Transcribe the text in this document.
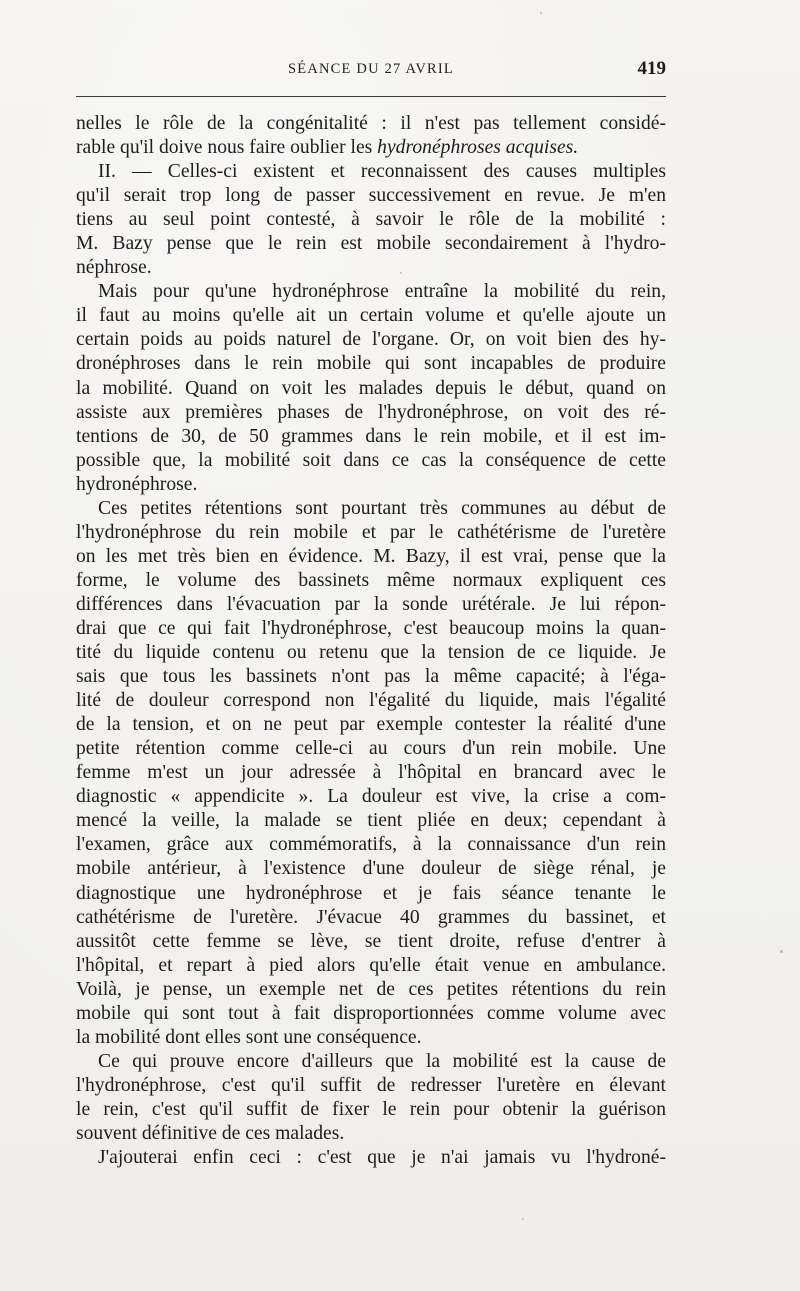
SÉANCE DU 27 AVRIL	419

nelles le rôle de la congénitalité : il n'est pas tellement considé-
rable qu'il doive nous faire oublier les hydronéphroses acquises.
II. — Celles-ci existent et reconnaissent des causes multiples
qu'il serait trop long de passer successivement en revue. Je m'en
tiens au seul point contesté, à savoir le rôle de la mobilité :
M. Bazy pense que le rein est mobile secondairement à l'hydro-
néphrose.

Mais pour qu'une hydronéphrose entraîne la mobilité du rein,
il faut au moins qu'elle ait un certain volume et qu'elle ajoute un
certain poids au poids naturel de l'organe. Or, on voit bien des hy-
dronéphroses dans le rein mobile qui sont incapables de produire
la mobilité. Quand on voit les malades depuis le début, quand on
assiste aux premières phases de l'hydronéphrose, on voit des ré-
tentions de 30, de 50 grammes dans le rein mobile, et il est im-
possible que, la mobilité soit dans ce cas la conséquence de cette
hydronéphrose.

Ces petites rétentions sont pourtant très communes au début de
l'hydronéphrose du rein mobile et par le cathétérisme de l'uretère
on les met très bien en évidence. M. Bazy, il est vrai, pense que la
forme, le volume des bassinets même normaux expliquent ces
différences dans l'évacuation par la sonde urétérale. Je lui répon-
drai que ce qui fait l'hydronéphrose, c'est beaucoup moins la quan-
tité du liquide contenu ou retenu que la tension de ce liquide. Je
sais que tous les bassinets n'ont pas la même capacité; à l'éga-
lité de douleur correspond non l'égalité du liquide, mais l'égalité
de la tension, et on ne peut par exemple contester la réalité d'une
petite rétention comme celle-ci au cours d'un rein mobile. Une
femme m'est un jour adressée à l'hôpital en brancard avec le
diagnostic « appendicite ». La douleur est vive, la crise a com-
mencé la veille, la malade se tient pliée en deux; cependant à
l'examen, grâce aux commémoratifs, à la connaissance d'un rein
mobile antérieur, à l'existence d'une douleur de siège rénal, je
diagnostique une hydronéphrose et je fais séance tenante le
cathétérisme de l'uretère. J'évacue 40 grammes du bassinet, et
aussitôt cette femme se lève, se tient droite, refuse d'entrer à
l'hôpital, et repart à pied alors qu'elle était venue en ambulance.
Voilà, je pense, un exemple net de ces petites rétentions du rein
mobile qui sont tout à fait disproportionnées comme volume avec
la mobilité dont elles sont une conséquence.

Ce qui prouve encore d'ailleurs que la mobilité est la cause de
l'hydronéphrose, c'est qu'il suffit de redresser l'uretère en élevant
le rein, c'est qu'il suffit de fixer le rein pour obtenir la guérison
souvent définitive de ces malades.

J'ajouterai enfin ceci : c'est que je n'ai jamais vu l'hydroné-
